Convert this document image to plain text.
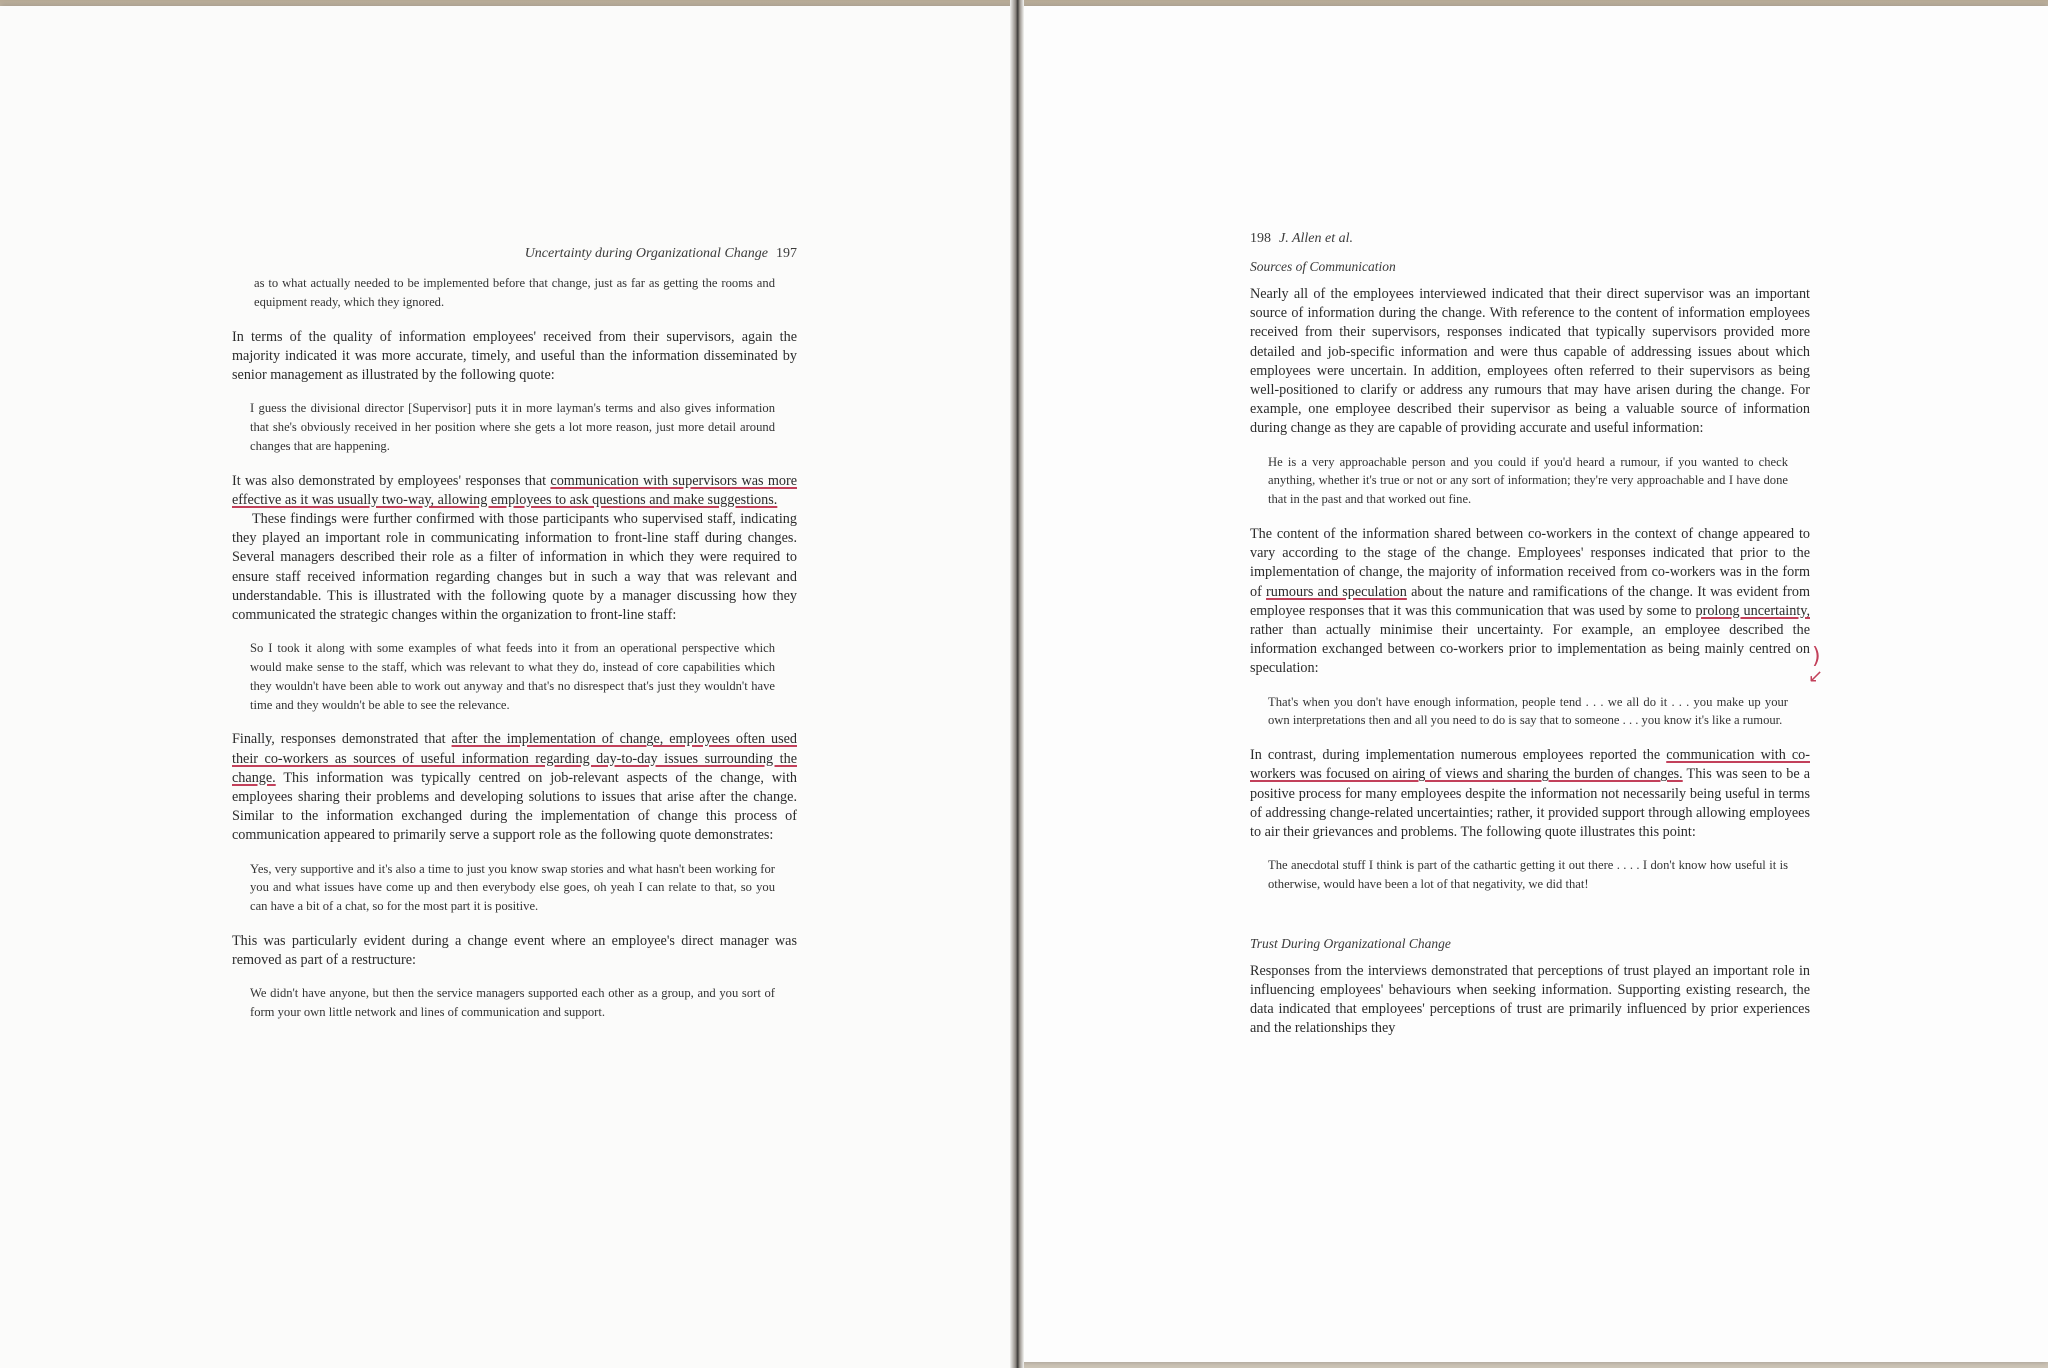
Uncertainty during Organizational Change 197

as to what actually needed to be implemented before that change, just as far as getting the rooms and equipment ready, which they ignored.

In terms of the quality of information employees' received from their supervisors, again the majority indicated it was more accurate, timely, and useful than the information disseminated by senior management as illustrated by the following quote:

I guess the divisional director [Supervisor] puts it in more layman's terms and also gives information that she's obviously received in her position where she gets a lot more reason, just more detail around changes that are happening.

It was also demonstrated by employees' responses that communication with supervisors was more effective as it was usually two-way, allowing employees to ask questions and make suggestions.

These findings were further confirmed with those participants who supervised staff, indicating they played an important role in communicating information to front-line staff during changes. Several managers described their role as a filter of information in which they were required to ensure staff received information regarding changes but in such a way that was relevant and understandable. This is illustrated with the following quote by a manager discussing how they communicated the strategic changes within the organization to front-line staff:

So I took it along with some examples of what feeds into it from an operational perspective which would make sense to the staff, which was relevant to what they do, instead of core capabilities which they wouldn't have been able to work out anyway and that's no disrespect that's just they wouldn't have time and they wouldn't be able to see the relevance.

Finally, responses demonstrated that after the implementation of change, employees often used their co-workers as sources of useful information regarding day-to-day issues surrounding the change. This information was typically centred on job-relevant aspects of the change, with employees sharing their problems and developing solutions to issues that arise after the change. Similar to the information exchanged during the implementation of change this process of communication appeared to primarily serve a support role as the following quote demonstrates:

Yes, very supportive and it's also a time to just you know swap stories and what hasn't been working for you and what issues have come up and then everybody else goes, oh yeah I can relate to that, so you can have a bit of a chat, so for the most part it is positive.

This was particularly evident during a change event where an employee's direct manager was removed as part of a restructure:

We didn't have anyone, but then the service managers supported each other as a group, and you sort of form your own little network and lines of communication and support.

198 J. Allen et al.
Sources of Communication

Nearly all of the employees interviewed indicated that their direct supervisor was an important source of information during the change. With reference to the content of information employees received from their supervisors, responses indicated that typically supervisors provided more detailed and job-specific information and were thus capable of addressing issues about which employees were uncertain. In addition, employees often referred to their supervisors as being well-positioned to clarify or address any rumours that may have arisen during the change. For example, one employee described their supervisor as being a valuable source of information during change as they are capable of providing accurate and useful information:

He is a very approachable person and you could if you'd heard a rumour, if you wanted to check anything, whether it's true or not or any sort of information; they're very approachable and I have done that in the past and that worked out fine.

The content of the information shared between co-workers in the context of change appeared to vary according to the stage of the change. Employees' responses indicated that prior to the implementation of change, the majority of information received from co-workers was in the form of rumours and speculation about the nature and ramifications of the change. It was evident from employee responses that it was this communication that was used by some to prolong uncertainty, rather than actually minimise their uncertainty. For example, an employee described the information exchanged between co-workers prior to implementation as being mainly centred on speculation:

That's when you don't have enough information, people tend . . . we all do it . . . you make up your own interpretations then and all you need to do is say that to someone . . . you know it's like a rumour.

In contrast, during implementation numerous employees reported the communication with co-workers was focused on airing of views and sharing the burden of changes. This was seen to be a positive process for many employees despite the information not necessarily being useful in terms of addressing change-related uncertainties; rather, it provided support through allowing employees to air their grievances and problems. The following quote illustrates this point:

The anecdotal stuff I think is part of the cathartic getting it out there . . . . I don't know how useful it is otherwise, would have been a lot of that negativity, we did that!

Trust During Organizational Change

Responses from the interviews demonstrated that perceptions of trust played an important role in influencing employees' behaviours when seeking information. Supporting existing research, the data indicated that employees' perceptions of trust are primarily influenced by prior experiences and the relationships they

)
↙
